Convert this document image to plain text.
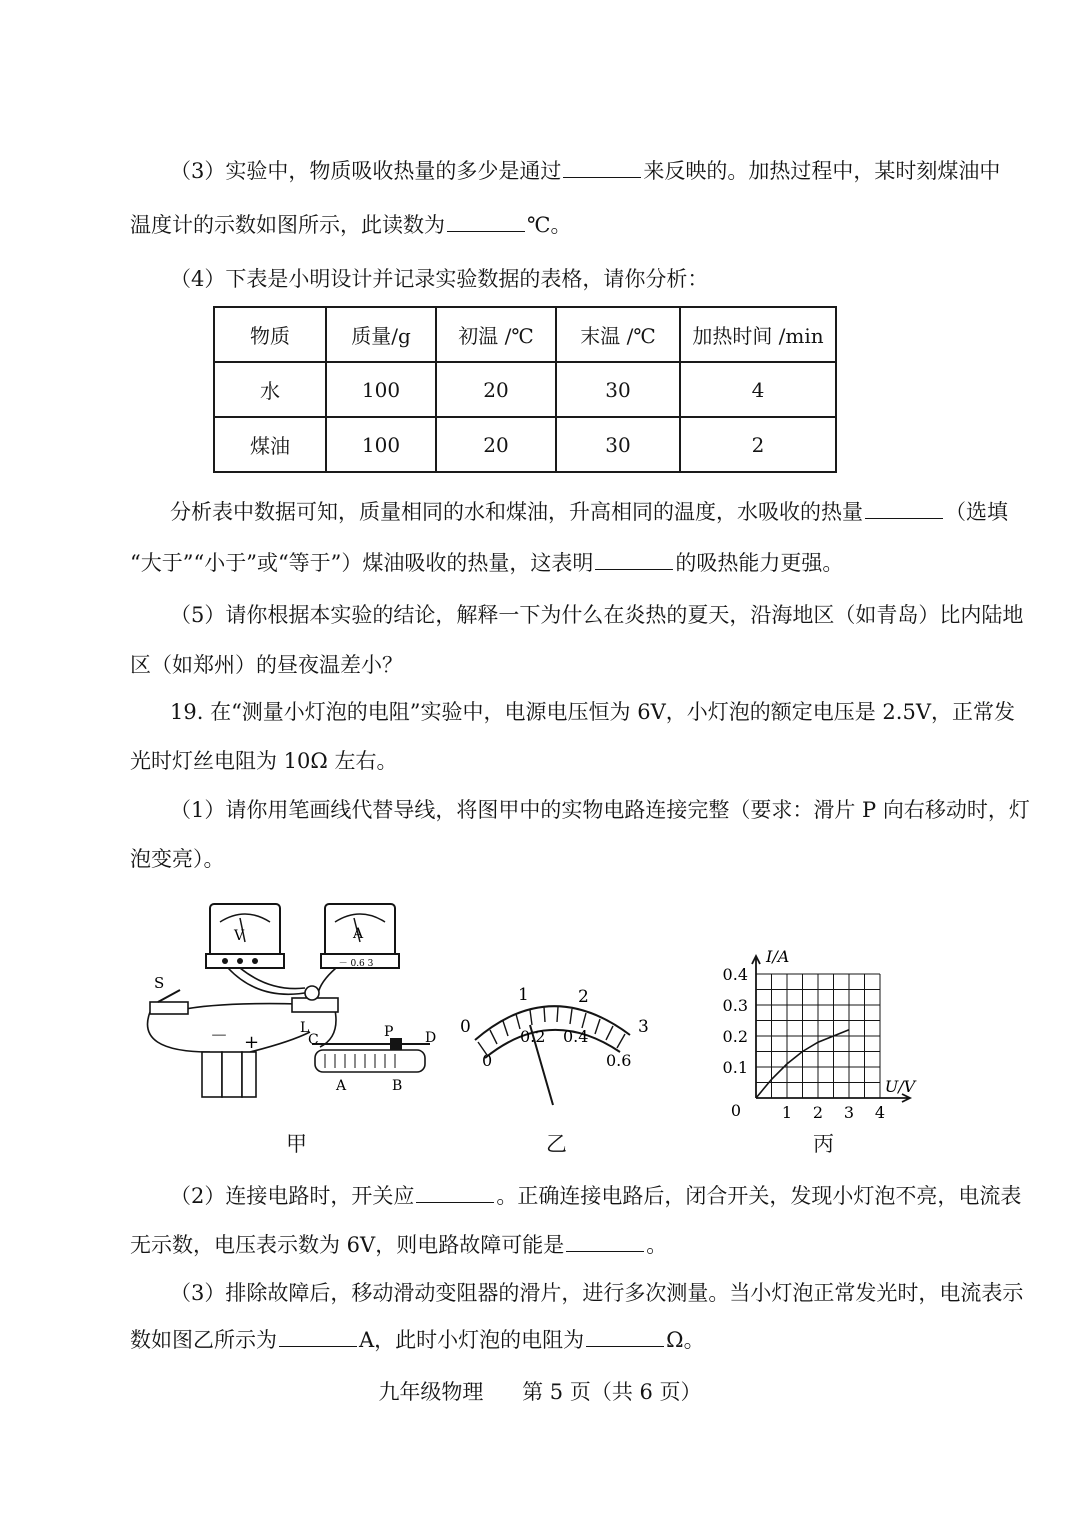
（3）实验中，物质吸收热量的多少是通过	来反映的。加热过程中，某时刻煤油中
温度计的示数如图所示，此读数为	℃。
（4）下表是小明设计并记录实验数据的表格，请你分析：
物质	质量/g	初温 /℃	末温 /℃	加热时间 /min
水	100	20	30	4
煤油	100	20	30	2
分析表中数据可知，质量相同的水和煤油，升高相同的温度，水吸收的热量	（选填
“大于”“小于”或“等于”）煤油吸收的热量，这表明	的吸热能力更强。
（5）请你根据本实验的结论，解释一下为什么在炎热的夏天，沿海地区（如青岛）比内陆地
区（如郑州）的昼夜温差小？
19. 在“测量小灯泡的电阻”实验中，电源电压恒为 6V，小灯泡的额定电压是 2.5V，正常发
光时灯丝电阻为 10Ω 左右。
（1）请你用笔画线代替导线，将图甲中的实物电路连接完整（要求：滑片 P 向右移动时，灯
泡变亮）。
V	A
－ 0.6 3
S
L
－ +	C	P D
A	B
甲
0
1	2
3
0
0.2 0.4
0.6
乙
1 2 3 4
0.1
0.2
0.3
0.4
0
I/A
U/V
丙
（2）连接电路时，开关应	。正确连接电路后，闭合开关，发现小灯泡不亮，电流表
无示数，电压表示数为 6V，则电路故障可能是	。
（3）排除故障后，移动滑动变阻器的滑片，进行多次测量。当小灯泡正常发光时，电流表示
数如图乙所示为	A，此时小灯泡的电阻为	Ω。
九年级物理 第 5 页（共 6 页）
